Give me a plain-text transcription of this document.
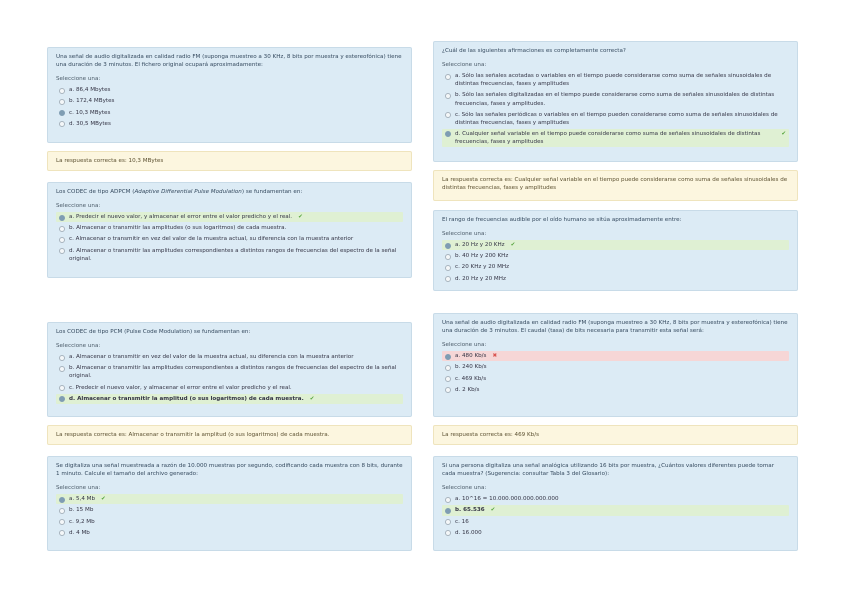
Una señal de audio digitalizada en calidad radio FM (suponga muestreo a 30 KHz, 8 bits por muestra y estereofónica) tiene una duración de 3 minutos. El fichero original ocupará aproximadamente:

Seleccione una:
a. 86,4 Mbytes
b. 172,4 MBytes
c. 10,3 MBytes
d. 30,5 MBytes
La respuesta correcta es: 10,3 MBytes

Los CODEC de tipo ADPCM (Adaptive Differential Pulse Modulation) se fundamentan en:

Seleccione una:
a. Predecir el nuevo valor, y almacenar el error entre el valor predicho y el real. ✔
b. Almacenar o transmitir las amplitudes (o sus logaritmos) de cada muestra.
c. Almacenar o transmitir en vez del valor de la muestra actual, su diferencia con la muestra anterior
d. Almacenar o transmitir las amplitudes correspondientes a distintos rangos de frecuencias del espectro de la señal original.

Los CODEC de tipo PCM (Pulse Code Modulation) se fundamentan en:

Seleccione una:
a. Almacenar o transmitir en vez del valor de la muestra actual, su diferencia con la muestra anterior
b. Almacenar o transmitir las amplitudes correspondientes a distintos rangos de frecuencias del espectro de la señal original.
c. Predecir el nuevo valor, y almacenar el error entre el valor predicho y el real.
d. Almacenar o transmitir la amplitud (o sus logaritmos) de cada muestra. ✔
La respuesta correcta es: Almacenar o transmitir la amplitud (o sus logaritmos) de cada muestra.

Se digitaliza una señal muestreada a razón de 10.000 muestras por segundo, codificando cada muestra con 8 bits, durante 1 minuto. Calcule el tamaño del archivo generado:

Seleccione una:
a. 5,4 Mb ✔
b. 15 Mb
c. 9,2 Mb
d. 4 Mb

¿Cuál de las siguientes afirmaciones es completamente correcta?

Seleccione una:
a. Sólo las señales acotadas o variables en el tiempo puede considerarse como suma de señales sinusoidales de distintas frecuencias, fases y amplitudes
b. Sólo las señales digitalizadas en el tiempo puede considerarse como suma de señales sinusoidales de distintas frecuencias, fases y amplitudes.
c. Sólo las señales periódicas o variables en el tiempo pueden considerarse como suma de señales sinusoidales de distintas frecuencias, fases y amplitudes
d. Cualquier señal variable en el tiempo puede considerarse como suma de señales sinusoidales de distintas frecuencias, fases y amplitudes
✔
La respuesta correcta es: Cualquier señal variable en el tiempo puede considerarse como suma de señales sinusoidales de distintas frecuencias, fases y amplitudes

El rango de frecuencias audible por el oído humano se sitúa aproximadamente entre:

Seleccione una:
a. 20 Hz y 20 KHz ✔
b. 40 Hz y 200 KHz
c. 20 KHz y 20 MHz
d. 20 Hz y 20 MHz

Una señal de audio digitalizada en calidad radio FM (suponga muestreo a 30 KHz, 8 bits por muestra y estereofónica) tiene una duración de 3 minutos. El caudal (tasa) de bits necesaria para transmitir esta señal será:

Seleccione una:
a. 480 Kb/s ✖
b. 240 Kb/s
c. 469 Kb/s
d. 2 Kb/s
La respuesta correcta es: 469 Kb/s

Si una persona digitaliza una señal analógica utilizando 16 bits por muestra, ¿Cuántos valores diferentes puede tomar cada muestra? (Sugerencia: consultar Tabla 3 del Glosario):

Seleccione una:
a. 10^16 = 10.000.000.000.000.000
b. 65.536 ✔
c. 16
d. 16.000
